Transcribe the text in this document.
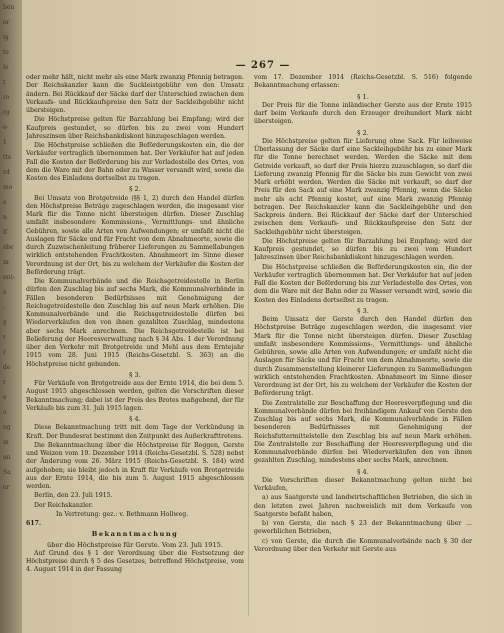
ben
er
ig
te
le
t
ro
rg
e-
1
tts
rd
mo
e
n
lf
sbe
in
ent-
e
-
g
r
r
de
r
e
o
ng
in
an
Sa
er
— 267 —

oder mehr hält, nicht mehr als eine Mark zwanzig Pfennig betragen. Der Reichskanzler kann die Suckleistgebühr von den Umsatz ändern. Bei Rückkauf der Säcke darf der Unterschied zwischen dem Verkaufs- und Rückkaufspreise den Satz der Sackleihgebühr nicht übersteigen.

Die Höchstpreise gelten für Barzahlung bei Empfang; wird der Kaufpreis gestundet, so dürfen bis zu zwei vom Hundert Jahreszinsen über Reichsbankdiskont hinzugeschlagen werden.

Die Höchstpreise schließen die Beförderungskosten ein, die der Verkäufer vertraglich übernommen hat. Der Verkäufer hat auf jeden Fall die Kosten der Beförderung bis zur Verladestelle des Ortes, von dem die Ware mit der Bahn oder zu Wasser versandt wird, sowie die Kosten des Einladens dortselbst zu tragen.

§ 2.

Bei Umsatz von Brotgetreide (§§ 1, 2) durch den Handel dürfen den Höchstpreise Beträge zugeschlagen werden, die insgesamt vier Mark für die Tonne nicht übersteigen dürfen. Dieser Zuschlag umfaßt insbesondere Kommissions-, Vermittlungs- und ähnliche Gebühren, sowie alle Arten von Aufwendungen; er umfaßt nicht die Auslagen für Säcke und für Fracht von dem Abnahmeorte, sowie die durch Zuzwischenleitung früherer Lieferungen zu Sammellabungen wirklich entstehenden Frachtkosten. Abnahmeort im Sinne dieser Verordnung ist der Ort, bis zu welchem der Verkäufer die Kosten der Beförderung trägt.

Die Kommunalverbände und die Reichsgetreidestelle in Berlin dürfen den Zuschlag bis auf sechs Mark, die Kommunalverbände in Fällen besonderen Bedürfnisses mit Genehmigung der Reichsgetreidestelle den Zuschlag bis auf neun Mark erhöhen. Die Kommunalverbände und die Reichsgetreidestelle dürfen bei Wiederverkäufen den von ihnen gezahlten Zuschlag, mindestens aber sechs Mark anrechnen. Die Reichsgetreidestelle ist bei Belieferung der Heeresverwaltung nach § 34 Abs. 1 der Verordnung über den Verkehr mit Brotgetreide und Mehl aus dem Erntejahr 1915 vom 28. Juni 1915 (Reichs-Gesetzbl. S. 363) an die Höchstpreise nicht gebunden.

§ 3.

Für Verkäufe von Brotgetreide aus der Ernte 1914, die bei dem 5. August 1915 abgeschlossen werden, gelten die Vorschriften dieser Bekanntmachung; dabei ist der Preis des Brotes maßgebend, der für Verkäufe bis zum 31. Juli 1915 lagen.

§ 4.

Diese Bekanntmachung tritt mit dem Tage der Verkündung in Kraft. Der Bundesrat bestimmt den Zeitpunkt des Außerkrafttretens.

Die Bekanntmachung über die Höchstpreise für Roggen, Gerste und Weizen vom 19. Dezember 1914 (Reichs-Gesetzbl. S. 528) nebst der Änderung vom 26. März 1915 (Reichs-Gesetzbl. S. 184) wird aufgehoben; sie bleibt jedoch in Kraft für Verkäufe von Brotgetreide aus der Ernte 1914, die bis zum 5. August 1915 abgeschlossen werden.

Berlin, den 23. Juli 1915.

Der Reichskanzler.

In Vertretung: gez.: v. Bethmann Hollweg.

617.

Bekanntmachung

über die Höchstpreise für Gerste. Vom 23. Juli 1915.

Auf Grund des § 1 der Verordnung über die Festsetzung der Höchstpreise durch § 5 des Gesetzes, betreffend Höchstpreise, vom 4. August 1914 in der Fassung

vom 17. Dezember 1914 (Reichs-Gesetzbl. S. 516) folgende Bekanntmachung erlassen:

§ 1.

Der Preis für die Tonne inländischer Gerste aus der Ernte 1915 darf beim Verkaufe durch den Erzeuger dreihundert Mark nicht übersteigen.

§ 2.

Die Höchstpreise gelten für Lieferung ohne Sack. Für leihweise Überlassung der Säcke darf eine Sackleihgebühr bis zu einer Mark für die Tonne berechnet werden. Werden die Säcke mit dem Getreide verkauft, so darf der Preis hierzu zuzuschlagen, so darf die Lieferung zwanzig Pfennig für die Säcke bis zum Gewicht von zwei Mark erhöht werden. Werden die Säcke mit verkauft, so darf der Preis für den Sack auf eine Mark zwanzig Pfennig, wenn die Säcke mehr als acht Pfennig kostet, auf eine Mark zwanzig Pfennig betragen. Der Reichskanzler kann die Sackleihgebühr und den Sackpreis ändern. Bei Rückkauf der Säcke darf der Unterschied zwischen dem Verkaufs- und Rückkaufspreise den Satz der Sackleihgebühr nicht übersteigen.

Die Höchstpreise gelten für Barzahlung bei Empfang; wird der Kaufpreis gestundet, so dürfen bis zu zwei vom Hundert Jahreszinsen über Reichsbankdiskont hinzugeschlagen werden.

Die Höchstpreise schließen die Beförderungskosten ein, die der Verkäufer vertraglich übernommen hat. Der Verkäufer hat auf jeden Fall die Kosten der Beförderung bis zur Verladestelle des Ortes, von dem die Ware mit der Bahn oder zu Wasser versandt wird, sowie die Kosten des Einladens dortselbst zu tragen.

§ 3.

Beim Umsatz der Gerste durch den Handel dürfen den Höchstpreise Beträge zugeschlagen werden, die insgesamt vier Mark für die Tonne nicht übersteigen dürfen. Dieser Zuschlag umfaßt insbesondere Kommissions-, Vermittlungs- und ähnliche Gebühren, sowie alle Arten von Aufwendungen; er umfaßt nicht die Auslagen für Säcke und für Fracht von dem Abnahmeorte, sowie die durch Zusammenstellung kleinerer Lieferungen zu Sammelladungen wirklich entstehenden Frachtkosten. Abnahmeort im Sinne dieser Verordnung ist der Ort, bis zu welchem der Verkäufer die Kosten der Beförderung trägt.

Die Zentralstelle zur Beschaffung der Heeresverpflegung und die Kommunalverbände dürfen bei freihändigem Ankauf von Gerste den Zuschlag bis auf sechs Mark, die Kommunalverbände in Fällen besonderen Bedürfnisses mit Genehmigung der Reichsfuttermittelstelle den Zuschlag bis auf neun Mark erhöhen. Die Zentralstelle zur Beschaffung der Heeresverpflegung und die Kommunalverbände dürfen bei Wiederverkäufen den von ihnen gezahlten Zuschlag, mindestens aber sechs Mark, anrechnen.

§ 4.

Die Vorschriften dieser Bekanntmachung gelten nicht bei Verkäufen,

a) aus Saatgerste und landwirtschaftlichen Betrieben, die sich in den letzten zwei Jahren nachweislich mit dem Verkaufe von Saatgerste befaßt haben,

b) von Gerste, die nach § 23 der Bekanntmachung über ... gewerblichen Betrieben,

c) von Gerste, die durch die Kommunalverbände nach § 30 der Verordnung über den Verkehr mit Gerste aus
